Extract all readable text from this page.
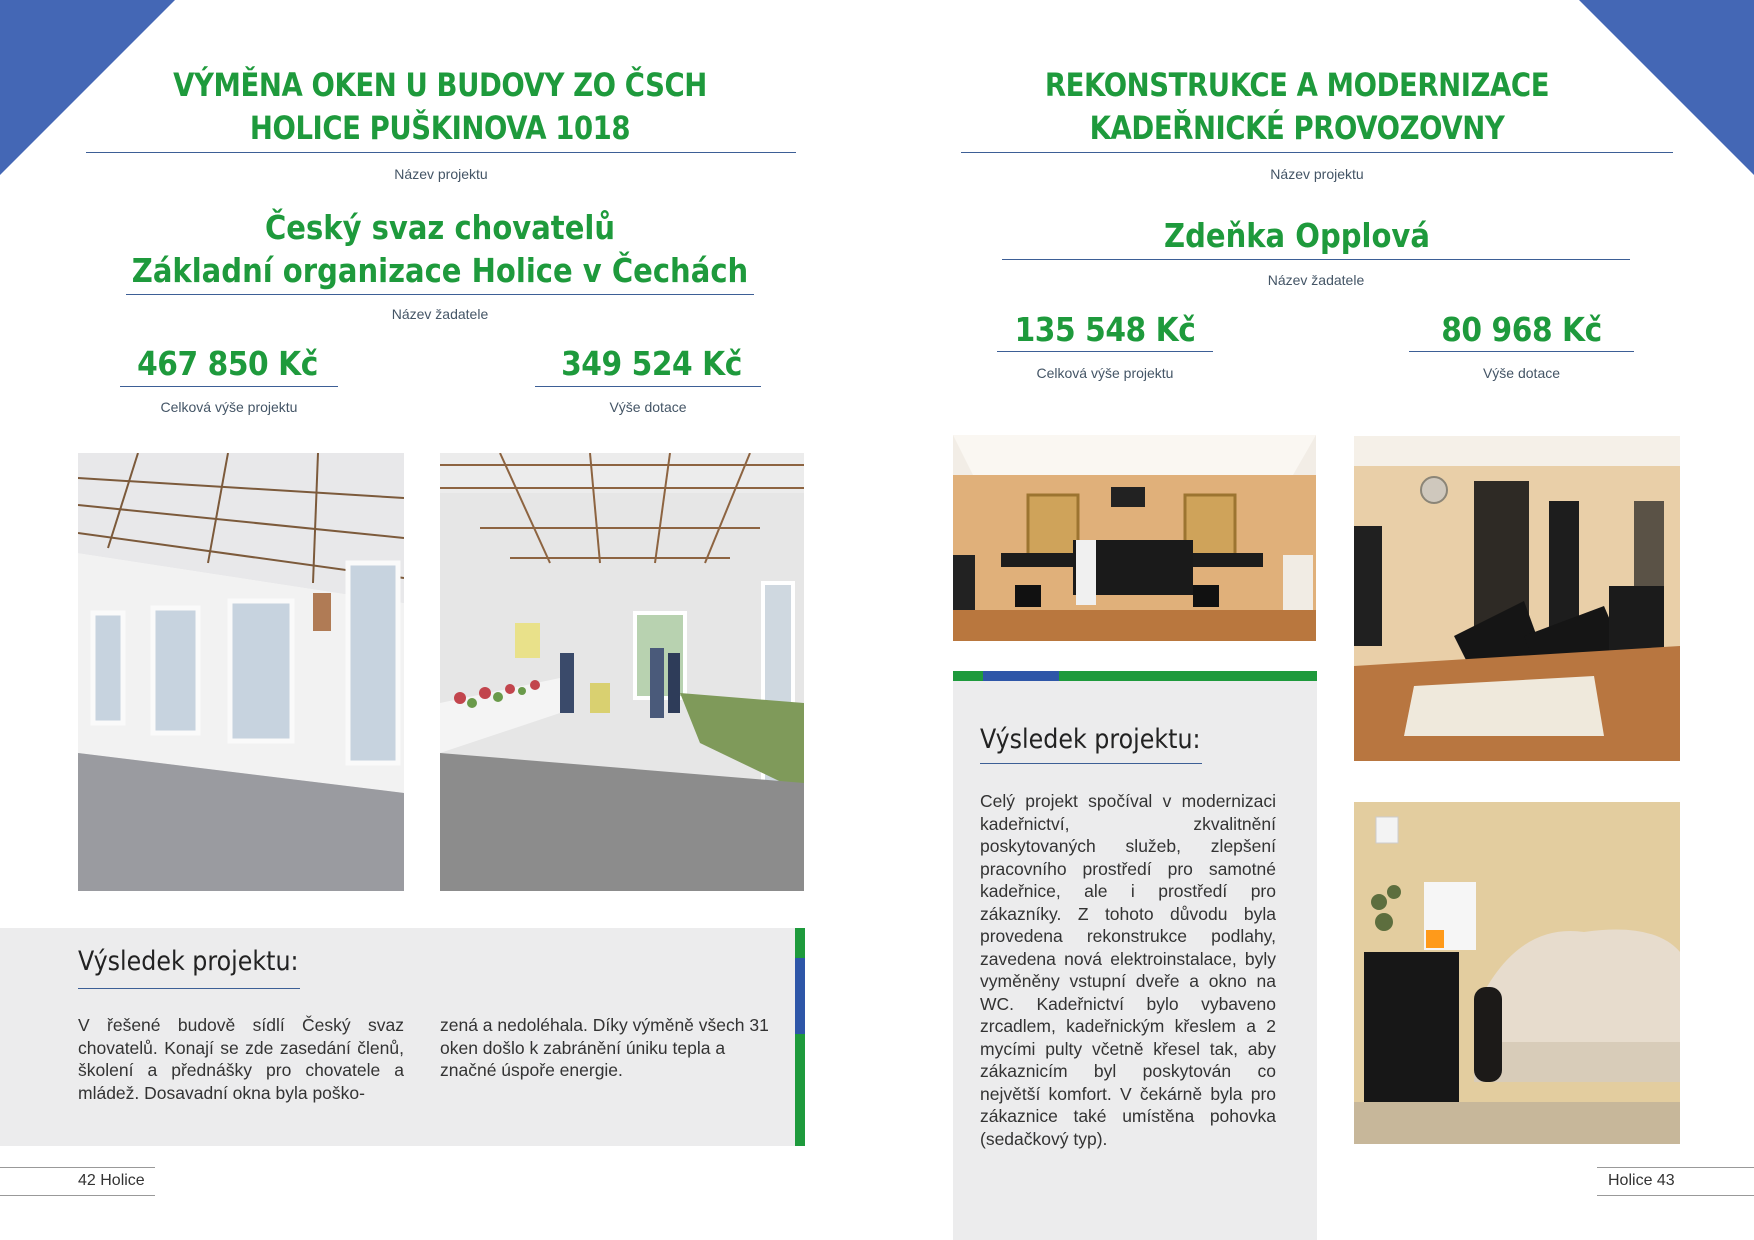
VÝMĚNA OKEN U BUDOVY ZO ČSCH
HOLICE PUŠKINOVA 1018
Název projektu
Český svaz chovatelů
Základní organizace Holice v Čechách
Název žadatele
467 850 Kč
Celková výše projektu
349 524 Kč
Výše dotace
Výsledek projektu:
V řešené budově sídlí Český svaz chovatelů. Konají se zde zasedání členů, školení a přednášky pro chovatele a mládež. Dosavadní okna byla poško-
zená a nedoléhala. Díky výměně všech 31 oken došlo k zabránění úniku tepla a značné úspoře energie.
42 Holice
REKONSTRUKCE A MODERNIZACE
KADEŘNICKÉ PROVOZOVNY
Název projektu
Zdeňka Opplová
Název žadatele
135 548 Kč
Celková výše projektu
80 968 Kč
Výše dotace
Výsledek projektu:
Celý projekt spočíval v modernizaci kadeřnictví, zkvalitnění poskytovaných služeb, zlepšení pracovního prostředí pro samotné kadeřnice, ale i prostředí pro zákazníky. Z tohoto důvodu byla provedena rekonstrukce podlahy, zavedena nová elektroinstalace, byly vyměněny vstupní dveře a okno na WC. Kadeřnictví bylo vybaveno zrcadlem, kadeřnickým křeslem a 2 mycími pulty včetně křesel tak, aby zákaznicím byl poskytován co největší komfort. V čekárně byla pro zákaznice také umístěna pohovka (sedačkový typ).
Holice 43
